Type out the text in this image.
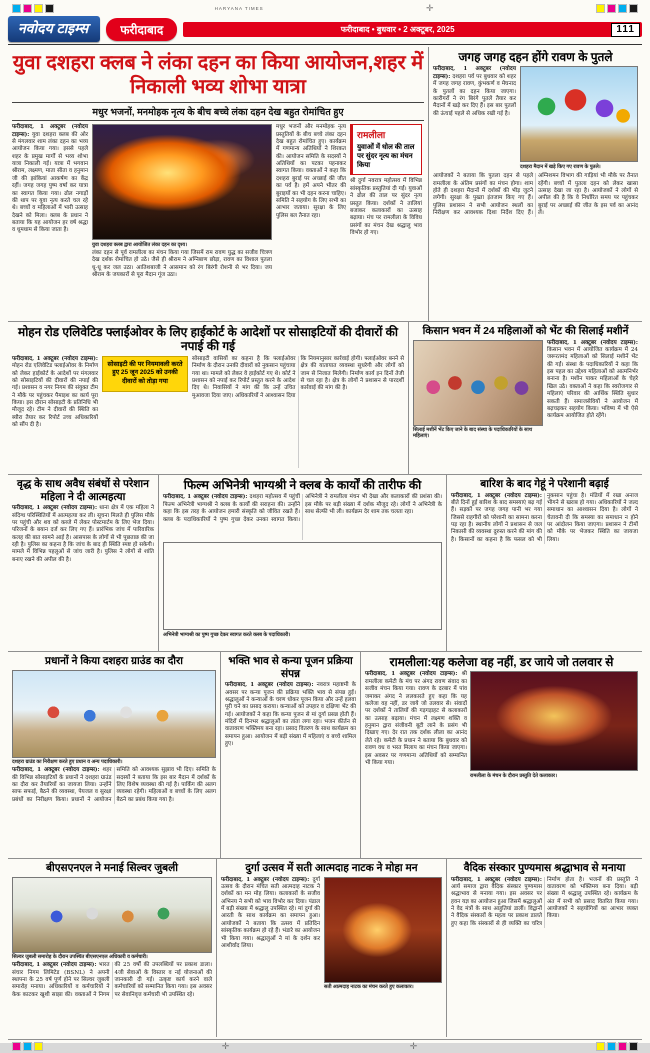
HARYANA TIMES	✛
नवोदय टाइम्स	फरीदाबाद	फरीदाबाद • बुधवार • 2 अक्टूबर, 2025	111
युवा दशहरा क्लब ने लंका दहन का किया आयोजन,शहर में निकाली भव्य शोभा यात्रा
मधुर भजनों, मनमोहक नृत्य के बीच बच्चे लंका दहन देख बहुत रोमांचित हुए

फरीदाबाद, 1 अक्टूबर (नवोदय टाइम्स): युवा दशहरा क्लब की ओर से मंगलवार शाम लंका दहन का भव्य आयोजन किया गया। इससे पहले शहर के प्रमुख मार्गों से भव्य शोभा यात्रा निकाली गई। यात्रा में भगवान श्रीराम, लक्ष्मण, माता सीता व हनुमान जी की झांकियां आकर्षण का केंद्र रहीं। जगह जगह पुष्प वर्षा कर यात्रा का स्वागत किया गया। ढोल नगाड़ों की थाप पर युवा नृत्य करते चल रहे थे। बच्चों व महिलाओं में भारी उत्साह देखने को मिला। क्लब के प्रधान ने बताया कि यह आयोजन हर वर्ष श्रद्धा व धूमधाम से किया जाता है।

युवा दशहरा क्लब द्वारा आयोजित लंका दहन का दृश्य।

लंका दहन से पूर्व रामलीला का मंचन किया गया जिसमें राम रावण युद्ध का सजीव चित्रण देख दर्शक रोमांचित हो उठे। जैसे ही श्रीराम ने अग्निबाण छोड़ा, रावण का विशाल पुतला धू-धू कर जल उठा। आतिशबाजी ने आसमान को रंग बिरंगी रोशनी से भर दिया। जय श्रीराम के जयकारों से पूरा मैदान गूंज उठा।

मधुर भजनों और मनमोहक नृत्य प्रस्तुतियों के बीच बच्चे लंका दहन देख बहुत रोमांचित हुए। कार्यक्रम में गणमान्य अतिथियों ने शिरकत की। आयोजन समिति के सदस्यों ने अतिथियों का पटका पहनाकर स्वागत किया। वक्ताओं ने कहा कि दशहरा बुराई पर अच्छाई की जीत का पर्व है। हमें अपने भीतर की बुराइयों का भी दहन करना चाहिए। समिति ने सहयोग के लिए सभी का आभार जताया। सुरक्षा के लिए पुलिस बल तैनात रहा।

रामलीला
युवाओं में धोल की ताल पर सुंदर नृत्य का मंचन किया

श्री दुर्गा नवरात्र महोत्सव में विभिन्न सांस्कृतिक प्रस्तुतियां दी गईं। युवाओं ने ढोल की ताल पर सुंदर नृत्य प्रस्तुत किया। दर्शकों ने तालियां बजाकर कलाकारों का उत्साह बढ़ाया। मंच पर रामलीला के विविध प्रसंगों का मंचन देख श्रद्धालु भाव विभोर हो गए।

जगह जगह दहन होंगे रावण के पुतले

फरीदाबाद, 1 अक्टूबर (नवोदय टाइम्स): दशहरा पर्व पर बुधवार को शहर में जगह जगह रावण, कुंभकर्ण व मेघनाद के पुतलों का दहन किया जाएगा। कारीगरों ने रंग बिरंगे पुतले तैयार कर मैदानों में खड़े कर दिए हैं। इस बार पुतलों की ऊंचाई पहले से अधिक रखी गई है।

दशहरा मैदान में खड़े किए गए रावण के पुतले।

आयोजकों ने बताया कि पुतला दहन से पहले रामलीला के अंतिम प्रसंगों का मंचन होगा। शाम होते ही दशहरा मैदानों में दर्शकों की भीड़ जुटने लगेगी। सुरक्षा के पुख्ता इंतजाम किए गए हैं। पुलिस प्रशासन ने सभी आयोजन स्थलों का निरीक्षण कर आवश्यक दिशा निर्देश दिए हैं। अग्निशमन विभाग की गाड़ियां भी मौके पर तैनात रहेंगी। बच्चों में पुतला दहन को लेकर खासा उत्साह देखा जा रहा है। आयोजकों ने लोगों से अपील की है कि वे निर्धारित समय पर पहुंचकर बुराई पर अच्छाई की जीत के इस पर्व का आनंद लें।

मोहन रोड एलिवेटिड फ्लाईओवर के लिए हाईकोर्ट के आदेशों पर सोसाइटियों की दीवारों की नपाई की गई

फरीदाबाद, 1 अक्टूबर (नवोदय टाइम्स): मोहन रोड एलिवेटिड फ्लाईओवर के निर्माण को लेकर हाईकोर्ट के आदेशों पर मंगलवार को सोसाइटियों की दीवारों की नपाई की गई। प्रशासन व नगर निगम की संयुक्त टीम ने मौके पर पहुंचकर पैमाइश का कार्य पूरा किया। इस दौरान सोसाइटी के प्रतिनिधि भी मौजूद रहे। टीम ने दीवारों की स्थिति का ब्यौरा तैयार कर रिपोर्ट उच्च अधिकारियों को सौंप दी है।

सोसाइटी की पर नियमावली करते हुए 25 जून 2025 को उनकी दीवारों को तोड़ा गया

सोसाइटी वासियों का कहना है कि फ्लाईओवर निर्माण के दौरान उनकी दीवारों को नुकसान पहुंचाया गया था। मामले को लेकर वे हाईकोर्ट गए थे। कोर्ट ने प्रशासन को नपाई कर रिपोर्ट प्रस्तुत करने के आदेश दिए थे। निवासियों ने मांग की कि उन्हें उचित मुआवजा दिया जाए। अधिकारियों ने आश्वासन दिया कि नियमानुसार कार्रवाई होगी। फ्लाईओवर बनने से क्षेत्र की यातायात व्यवस्था सुधरेगी और लोगों को जाम से निजात मिलेगी। निर्माण कार्य इन दिनों तेजी से चल रहा है। क्षेत्र के लोगों ने प्रशासन से पारदर्शी कार्रवाई की मांग की है।

किसान भवन में 24 महिलाओं को भेंट की सिलाई मशीनें
सिलाई मशीनें भेंट किए जाने के बाद संस्था के पदाधिकारियों के साथ महिलाएं।

फरीदाबाद, 1 अक्टूबर (नवोदय टाइम्स): किसान भवन में आयोजित कार्यक्रम में 24 जरूरतमंद महिलाओं को सिलाई मशीनें भेंट की गईं। संस्था के पदाधिकारियों ने कहा कि इस पहल का उद्देश्य महिलाओं को आत्मनिर्भर बनाना है। मशीन पाकर महिलाओं के चेहरे खिल उठे। वक्ताओं ने कहा कि स्वरोजगार से महिलाएं परिवार की आर्थिक स्थिति सुधार सकती हैं। समाजसेवियों ने आयोजन में बढ़चढ़कर सहयोग किया। भविष्य में भी ऐसे कार्यक्रम आयोजित होते रहेंगे।

वृद्ध के साथ अवैध संबंधों से परेशान महिला ने दी आत्महत्या

फरीदाबाद, 1 अक्टूबर (नवोदय टाइम्स): थाना क्षेत्र में एक महिला ने संदिग्ध परिस्थितियों में आत्महत्या कर ली। सूचना मिलते ही पुलिस मौके पर पहुंची और शव को कब्जे में लेकर पोस्टमार्टम के लिए भेज दिया। परिजनों के बयान दर्ज कर लिए गए हैं। प्रारंभिक जांच में पारिवारिक कलह की बात सामने आई है। आसपास के लोगों से भी पूछताछ की जा रही है। पुलिस का कहना है कि जांच के बाद ही स्थिति स्पष्ट हो सकेगी। मामले में विभिन्न पहलुओं से जांच जारी है। पुलिस ने लोगों से शांति बनाए रखने की अपील की है।

फिल्म अभिनेत्री भाग्यश्री ने क्लब के कार्यों की तारीफ की

फरीदाबाद, 1 अक्टूबर (नवोदय टाइम्स): दशहरा महोत्सव में पहुंचीं फिल्म अभिनेत्री भाग्यश्री ने क्लब के कार्यों की सराहना की। उन्होंने कहा कि इस तरह के आयोजन हमारी संस्कृति को जीवित रखते हैं। क्लब के पदाधिकारियों ने पुष्प गुच्छ देकर उनका स्वागत किया। अभिनेत्री ने रामलीला मंचन भी देखा और कलाकारों की प्रशंसा की। इस मौके पर बड़ी संख्या में दर्शक मौजूद रहे। लोगों ने अभिनेत्री के साथ सेल्फी भी ली। कार्यक्रम देर शाम तक चलता रहा।

अभिनेत्री भाग्यश्री का पुष्प गुच्छ देकर स्वागत करते क्लब के पदाधिकारी।
बारिश के बाद गेहूं ने परेशानी बढ़ाई

फरीदाबाद, 1 अक्टूबर (नवोदय टाइम्स): बीते दिनों हुई बारिश के बाद समस्याएं बढ़ गई हैं। सड़कों पर जगह जगह पानी भर गया जिससे राहगीरों को परेशानी का सामना करना पड़ रहा है। स्थानीय लोगों ने प्रशासन से जल निकासी की व्यवस्था दुरुस्त करने की मांग की है। किसानों का कहना है कि फसल को भी नुकसान पहुंचा है। मंडियों में रखा अनाज भीगने से खराब हो गया। अधिकारियों ने जल्द समाधान का आश्वासन दिया है। लोगों ने चेतावनी दी कि समस्या का समाधान न होने पर आंदोलन किया जाएगा। प्रशासन ने टीमों को मौके पर भेजकर स्थिति का जायजा लिया।

प्रधानों ने किया दशहरा ग्राउंड का दौरा
दशहरा ग्राउंड का निरीक्षण करते हुए प्रधान व अन्य पदाधिकारी।

फरीदाबाद, 1 अक्टूबर (नवोदय टाइम्स): शहर की विभिन्न सोसाइटियों के प्रधानों ने दशहरा ग्राउंड का दौरा कर तैयारियों का जायजा लिया। उन्होंने साफ सफाई, बैठने की व्यवस्था, पेयजल व सुरक्षा प्रबंधों का निरीक्षण किया। प्रधानों ने आयोजन समिति को आवश्यक सुझाव भी दिए। समिति के सदस्यों ने बताया कि इस बार मैदान में दर्शकों के लिए विशेष व्यवस्था की गई है। पार्किंग की अलग व्यवस्था रहेगी। महिलाओं व बच्चों के लिए अलग बैठने का प्रबंध किया गया है।

भक्ति भाव से कन्या पूजन प्रक्रिया संपन्न

फरीदाबाद, 1 अक्टूबर (नवोदय टाइम्स): नवरात्र महाष्टमी के अवसर पर कन्या पूजन की प्रक्रिया भक्ति भाव से संपन्न हुई। श्रद्धालुओं ने कन्याओं के चरण धोकर पूजन किया और उन्हें हलवा पूरी चने का प्रसाद कराया। कन्याओं को उपहार व दक्षिणा भेंट की गई। आयोजकों ने कहा कि कन्या पूजन से मां दुर्गा प्रसन्न होती हैं। मंदिरों में दिनभर श्रद्धालुओं का तांता लगा रहा। भजन कीर्तन से वातावरण भक्तिमय बना रहा। प्रसाद वितरण के साथ कार्यक्रम का समापन हुआ। आयोजन में बड़ी संख्या में महिलाएं व बच्चे शामिल हुए।

रामलीला:यह कलेजा वह नहीं, डर जाये जो तलवार से
रामलीला के मंचन के दौरान प्रस्तुति देते कलाकार।

फरीदाबाद, 1 अक्टूबर (नवोदय टाइम्स): श्री रामलीला कमेटी के मंच पर अंगद रावण संवाद का सजीव मंचन किया गया। रावण के दरबार में पांव जमाकर अंगद ने ललकारते हुए कहा कि यह कलेजा वह नहीं, डर जाये जो तलवार से। संवादों पर दर्शकों ने तालियों की गड़गड़ाहट से कलाकारों का उत्साह बढ़ाया। मंचन में लक्ष्मण शक्ति व हनुमान द्वारा संजीवनी बूटी लाने के प्रसंग भी दिखाए गए। देर रात तक दर्शक लीला का आनंद लेते रहे। कमेटी के प्रधान ने बताया कि बुधवार को रावण वध व भरत मिलाप का मंचन किया जाएगा। इस अवसर पर गणमान्य अतिथियों को सम्मानित भी किया गया।

बीएसएनएल ने मनाई सिल्वर जुबली
सिल्वर जुबली समारोह के दौरान उपस्थित बीएसएनएल अधिकारी व कर्मचारी।

फरीदाबाद, 1 अक्टूबर (नवोदय टाइम्स): भारत संचार निगम लिमिटेड (BSNL) ने अपनी स्थापना के 25 वर्ष पूर्ण होने पर सिल्वर जुबली समारोह मनाया। अधिकारियों व कर्मचारियों ने केक काटकर खुशी साझा की। वक्ताओं ने निगम की 25 वर्षों की उपलब्धियों पर प्रकाश डाला। 4जी सेवाओं के विस्तार व नई योजनाओं की जानकारी दी गई। उत्कृष्ट कार्य करने वाले कर्मचारियों को सम्मानित किया गया। इस अवसर पर सेवानिवृत्त कर्मचारी भी उपस्थित रहे।

दुर्गा उत्सव में सती आत्मदाह नाटक ने मोहा मन

फरीदाबाद, 1 अक्टूबर (नवोदय टाइम्स): दुर्गा उत्सव के दौरान मंचित सती आत्मदाह नाटक ने दर्शकों का मन मोह लिया। कलाकारों के सजीव अभिनय ने सभी को भाव विभोर कर दिया। पंडाल में बड़ी संख्या में श्रद्धालु उपस्थित रहे। मां दुर्गा की आरती के साथ कार्यक्रम का समापन हुआ। आयोजकों ने बताया कि उत्सव में प्रतिदिन सांस्कृतिक कार्यक्रम हो रहे हैं। भंडारे का आयोजन भी किया गया। श्रद्धालुओं ने मां के दर्शन कर आशीर्वाद लिया।

सती आत्मदाह नाटक का मंचन करते हुए कलाकार।
वैदिक संस्कार पुण्यमास श्रद्धाभाव से मनाया

फरीदाबाद, 1 अक्टूबर (नवोदय टाइम्स): आर्य समाज द्वारा वैदिक संस्कार पुण्यमास श्रद्धाभाव से मनाया गया। इस अवसर पर हवन यज्ञ का आयोजन हुआ जिसमें श्रद्धालुओं ने वेद मंत्रों के साथ आहुतियां डालीं। विद्वानों ने वैदिक संस्कारों के महत्व पर प्रकाश डालते हुए कहा कि संस्कारों से ही व्यक्ति का चरित्र निर्माण होता है। भजनों की प्रस्तुति ने वातावरण को भक्तिमय बना दिया। बड़ी संख्या में श्रद्धालु उपस्थित रहे। कार्यक्रम के अंत में सभी को प्रसाद वितरित किया गया। आयोजकों ने सहयोगियों का आभार व्यक्त किया।

✛	✛
